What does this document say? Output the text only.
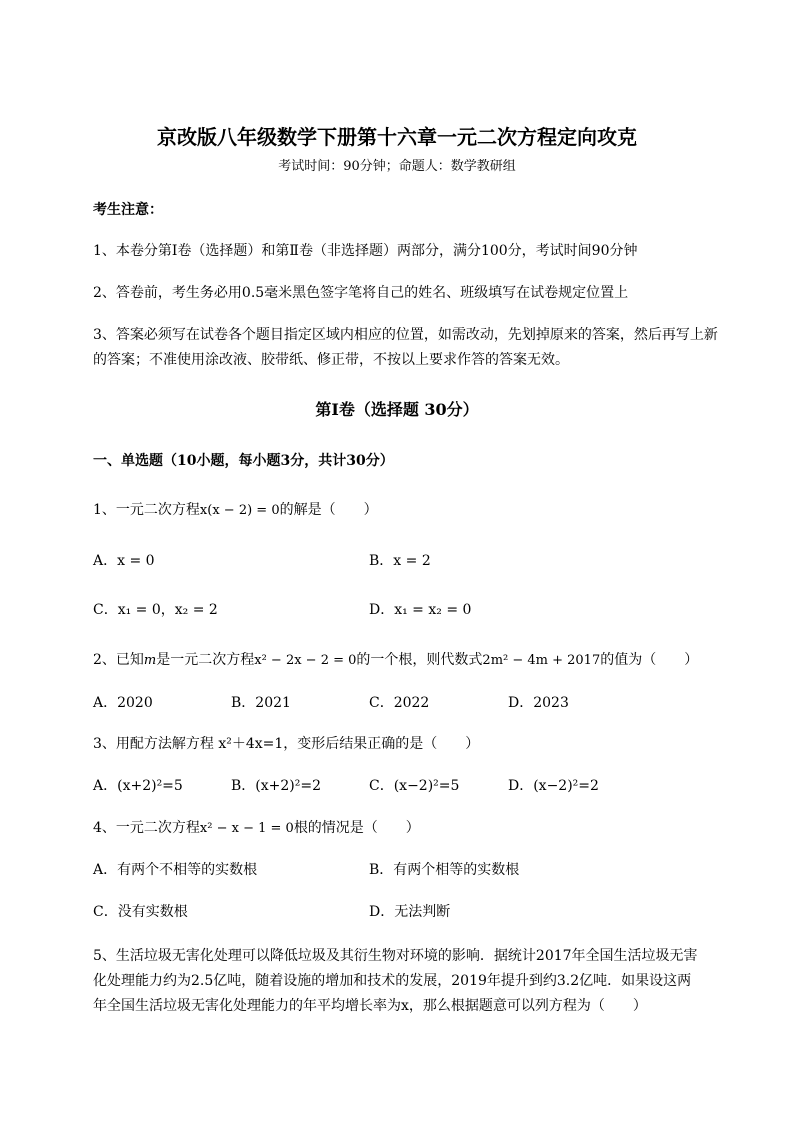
京改版八年级数学下册第十六章一元二次方程定向攻克
考试时间：90分钟；命题人：数学教研组
考生注意：
1、本卷分第I卷（选择题）和第Ⅱ卷（非选择题）两部分，满分100分，考试时间90分钟
2、答卷前，考生务必用0.5毫米黑色签字笔将自己的姓名、班级填写在试卷规定位置上
3、答案必须写在试卷各个题目指定区域内相应的位置，如需改动，先划掉原来的答案，然后再写上新
的答案；不准使用涂改液、胶带纸、修正带，不按以上要求作答的答案无效。
第I卷（选择题 30分）
一、单选题（10小题，每小题3分，共计30分）
1、一元二次方程x(x − 2) = 0的解是（　　）
A．x = 0	B．x = 2
C．x₁ = 0，x₂ = 2	D．x₁ = x₂ = 0
2、已知m是一元二次方程x² − 2x − 2 = 0的一个根，则代数式2m² − 4m + 2017的值为（　　）
A．2020	B．2021	C．2022	D．2023
3、用配方法解方程 x²＋4x=1，变形后结果正确的是（　　）
A．(x+2)²=5	B．(x+2)²=2	C．(x−2)²=5	D．(x−2)²=2
4、一元二次方程x² − x − 1 = 0根的情况是（　　）
A．有两个不相等的实数根	B．有两个相等的实数根
C．没有实数根	D．无法判断
5、生活垃圾无害化处理可以降低垃圾及其衍生物对环境的影响．据统计2017年全国生活垃圾无害
化处理能力约为2.5亿吨，随着设施的增加和技术的发展，2019年提升到约3.2亿吨．如果设这两
年全国生活垃圾无害化处理能力的年平均增长率为x，那么根据题意可以列方程为（　　）
